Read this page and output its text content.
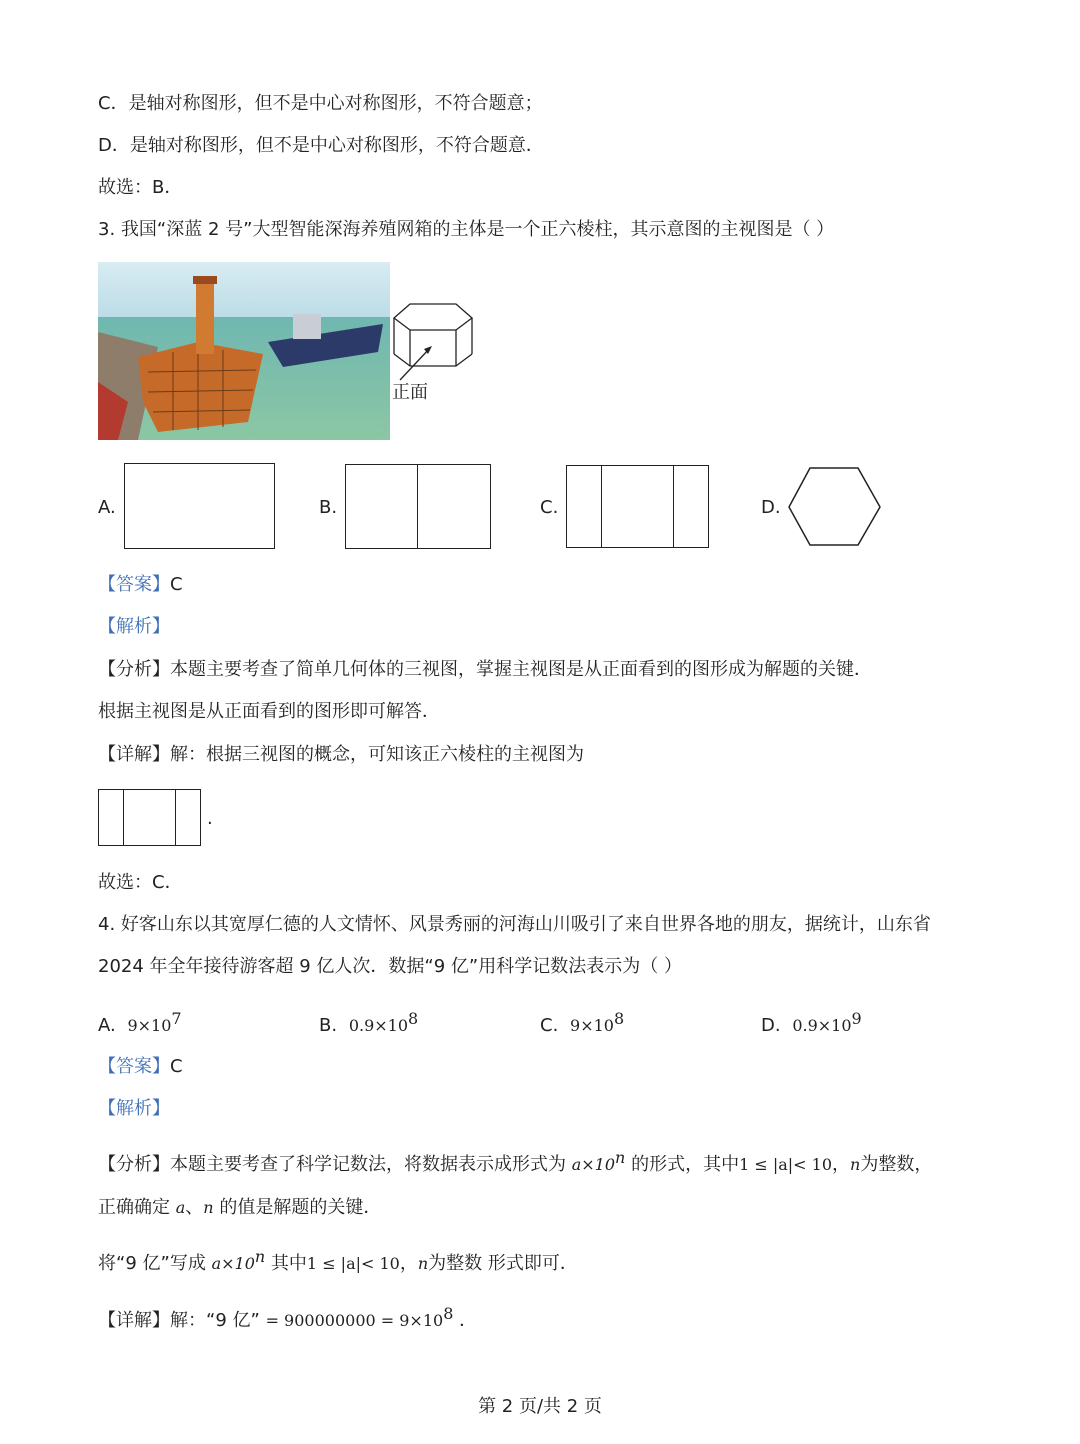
C．是轴对称图形，但不是中心对称图形，不符合题意；
D．是轴对称图形，但不是中心对称图形，不符合题意．
故选：B．
3. 我国“深蓝 2 号”大型智能深海养殖网箱的主体是一个正六棱柱，其示意图的主视图是（ ）
正面
A.	B.	C.	D.
【答案】C
【解析】
【分析】本题主要考查了简单几何体的三视图，掌握主视图是从正面看到的图形成为解题的关键．
根据主视图是从正面看到的图形即可解答．
【详解】解：根据三视图的概念，可知该正六棱柱的主视图为
.
故选：C．
4. 好客山东以其宽厚仁德的人文情怀、风景秀丽的河海山川吸引了来自世界各地的朋友，据统计，山东省
2024 年全年接待游客超 9 亿人次．数据“9 亿”用科学记数法表示为（ ）
A. $9\times 10^7$	B. $0.9\times 10^8$	C. $9\times 10^8$	D. $0.9\times 10^9$
【答案】C
【解析】
【分析】本题主要考查了科学记数法，将数据表示成形式为 $a\times 10^n$ 的形式，其中1 ≤ |a|< 10，n为整数，
正确确定 a、n 的值是解题的关键．
将“9 亿”写成 $a\times 10^n$ 其中1 ≤ |a|< 10，n为整数 形式即可．
【详解】解：“9 亿” = $900000000 = 9\times 10^8$ ．
第 2 页/共 2 页
